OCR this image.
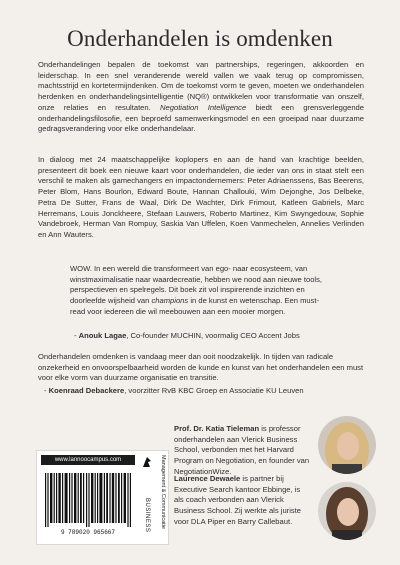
Onderhandelen is omdenken
Onderhandelingen bepalen de toekomst van partnerships, regeringen, akkoorden en leiderschap. In een snel veranderende wereld vallen we vaak terug op compromissen, machtsstrijd en kortetermijndenken. Om de toekomst vorm te geven, moeten we onderhandelen herdenken en onderhandelingsintelligentie (NQ®) ontwikkelen voor transformatie van onszelf, onze relaties en resultaten. Negotiation Intelligence biedt een grensverleggende onderhandelingsfilosofie, een beproefd samenwerkingsmodel en een groeipad naar duurzame gedragsverandering voor elke onderhandelaar.
In dialoog met 24 maatschappelijke koplopers en aan de hand van krachtige beelden, presenteert dit boek een nieuwe kaart voor onderhandelen, die ieder van ons in staat stelt een verschil te maken als gamechangers en impactondernemers: Peter Adriaenssens, Bas Beerens, Peter Blom, Hans Bourlon, Edward Boute, Hannan Challouki, Wim Dejonghe, Jos Delbeke, Petra De Sutter, Frans de Waal, Dirk De Wachter, Dirk Frimout, Katleen Gabriels, Marc Herremans, Louis Jonckheere, Stefaan Lauwers, Roberto Martinez, Kim Swyngedouw, Sophie Vandebroek, Herman Van Rompuy, Saskia Van Uffelen, Koen Vanmechelen, Annelies Verlinden en Ann Wauters.
WOW. In een wereld die transformeert van ego- naar ecosysteem, van winstmaximalisatie naar waardecreatie, hebben we nood aan nieuwe tools, perspectieven en spelregels. Dit boek zit vol inspirerende inzichten en doorleefde wijsheid van champions in de kunst en wetenschap. Een must-read voor iedereen die wil meebouwen aan een mooier morgen.
- Anouk Lagae, Co-founder MUCHIN, voormalig CEO Accent Jobs
Onderhandelen omdenken is vandaag meer dan ooit noodzakelijk. In tijden van radicale onzekerheid en onvoorspelbaarheid worden de kunde en kunst van het onderhandelen een must voor elke vorm van duurzame organisatie en transitie.
- Koenraad Debackere, voorzitter RvB KBC Groep en Associatie KU Leuven
www.lannoocampus.com
9 789020 965667
Management & Communicatie
BUSINESS
Prof. Dr. Katia Tieleman is professor onderhandelen aan Vlerick Business School, verbonden met het Harvard Program on Negotiation, en founder van NegotiationWize.
Laurence Dewaele is partner bij Executive Search kantoor Ebbinge, is als coach verbonden aan Vlerick Business School. Zij werkte als juriste voor DLA Piper en Barry Callebaut.
